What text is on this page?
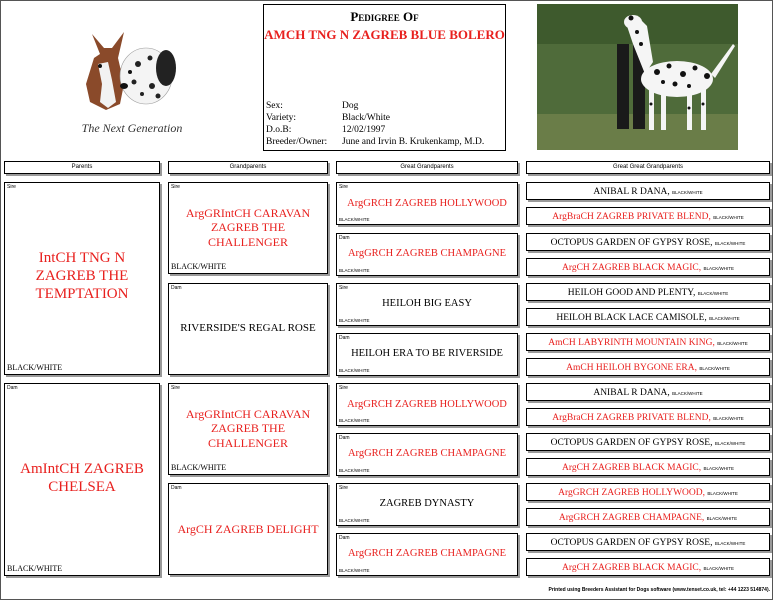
The Next Generation
Pedigree Of
AMCH TNG N ZAGREB BLUE BOLERO
Sex:	Dog
Variety:	Black/White
D.o.B:	12/02/1997
Breeder/Owner:	June and Irvin B. Krukenkamp, M.D.
Parents	Grandparents	Great Grandparents	Great Great Grandparents
Sire
IntCH TNG N ZAGREB THE TEMPTATION
BLACK/WHITE
Dam
AmIntCH ZAGREB CHELSEA
BLACK/WHITE
Sire
ArgGRIntCH CARAVAN ZAGREB THE CHALLENGER
BLACK/WHITE
Dam
RIVERSIDE'S REGAL ROSE
Sire
ArgGRIntCH CARAVAN ZAGREB THE CHALLENGER
BLACK/WHITE
Dam
ArgCH ZAGREB DELIGHT
Sire
ArgGRCH ZAGREB HOLLYWOOD
BLACK/WHITE
Dam
ArgGRCH ZAGREB CHAMPAGNE
BLACK/WHITE
Sire
HEILOH BIG EASY
BLACK/WHITE
Dam
HEILOH ERA TO BE RIVERSIDE
BLACK/WHITE
Sire
ArgGRCH ZAGREB HOLLYWOOD
BLACK/WHITE
Dam
ArgGRCH ZAGREB CHAMPAGNE
BLACK/WHITE
Sire
ZAGREB DYNASTY
BLACK/WHITE
Dam
ArgGRCH ZAGREB CHAMPAGNE
BLACK/WHITE
ANIBAL R DANA, BLACK/WHITE
ArgBraCH ZAGREB PRIVATE BLEND, BLACK/WHITE
OCTOPUS GARDEN OF GYPSY ROSE, BLACK/WHITE
ArgCH ZAGREB BLACK MAGIC, BLACK/WHITE
HEILOH GOOD AND PLENTY, BLACK/WHITE
HEILOH BLACK LACE CAMISOLE, BLACK/WHITE
AmCH LABYRINTH MOUNTAIN KING, BLACK/WHITE
AmCH HEILOH BYGONE ERA, BLACK/WHITE
ANIBAL R DANA, BLACK/WHITE
ArgBraCH ZAGREB PRIVATE BLEND, BLACK/WHITE
OCTOPUS GARDEN OF GYPSY ROSE, BLACK/WHITE
ArgCH ZAGREB BLACK MAGIC, BLACK/WHITE
ArgGRCH ZAGREB HOLLYWOOD, BLACK/WHITE
ArgGRCH ZAGREB CHAMPAGNE, BLACK/WHITE
OCTOPUS GARDEN OF GYPSY ROSE, BLACK/WHITE
ArgCH ZAGREB BLACK MAGIC, BLACK/WHITE
Printed using Breeders Assistant for Dogs software (www.tenset.co.uk, tel: +44 1223 514874).
